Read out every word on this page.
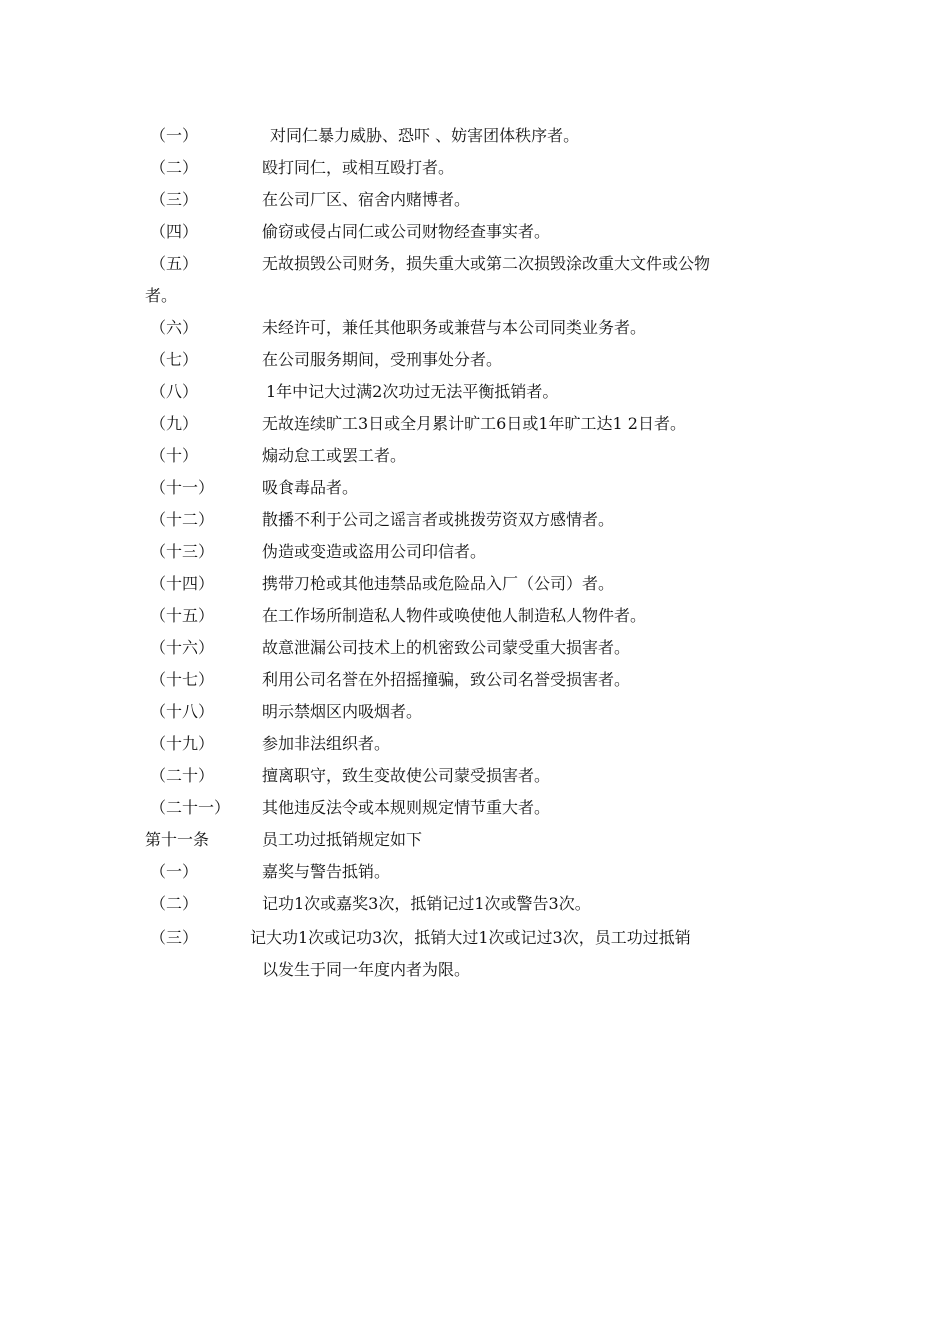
（一）	对同仁暴力威胁、恐吓 、妨害团体秩序者。
（二）	殴打同仁，或相互殴打者。
（三）	在公司厂区、宿舍内赌博者。
（四）	偷窃或侵占同仁或公司财物经查事实者。
（五）	无故损毁公司财务，损失重大或第二次损毁涂改重大文件或公物
者。
（六）	未经许可，兼任其他职务或兼营与本公司同类业务者。
（七）	在公司服务期间，受刑事处分者。
（八）	1年中记大过满2次功过无法平衡抵销者。
（九）	无故连续旷工3日或全月累计旷工6日或1年旷工达1 2日者。
（十）	煽动怠工或罢工者。
（十一）	吸食毒品者。
（十二）	散播不利于公司之谣言者或挑拨劳资双方感情者。
（十三）	伪造或变造或盗用公司印信者。
（十四）	携带刀枪或其他违禁品或危险品入厂（公司）者。
（十五）	在工作场所制造私人物件或唤使他人制造私人物件者。
（十六）	故意泄漏公司技术上的机密致公司蒙受重大损害者。
（十七）	利用公司名誉在外招摇撞骗，致公司名誉受损害者。
（十八）	明示禁烟区内吸烟者。
（十九）	参加非法组织者。
（二十）	擅离职守，致生变故使公司蒙受损害者。
（二十一） 其他违反法令或本规则规定情节重大者。
第十一条	员工功过抵销规定如下
（一）	嘉奖与警告抵销。
（二）	记功1次或嘉奖3次，抵销记过1次或警告3次。
（三）	记大功1次或记功3次，抵销大过1次或记过3次，员工功过抵销
以发生于同一年度内者为限。
